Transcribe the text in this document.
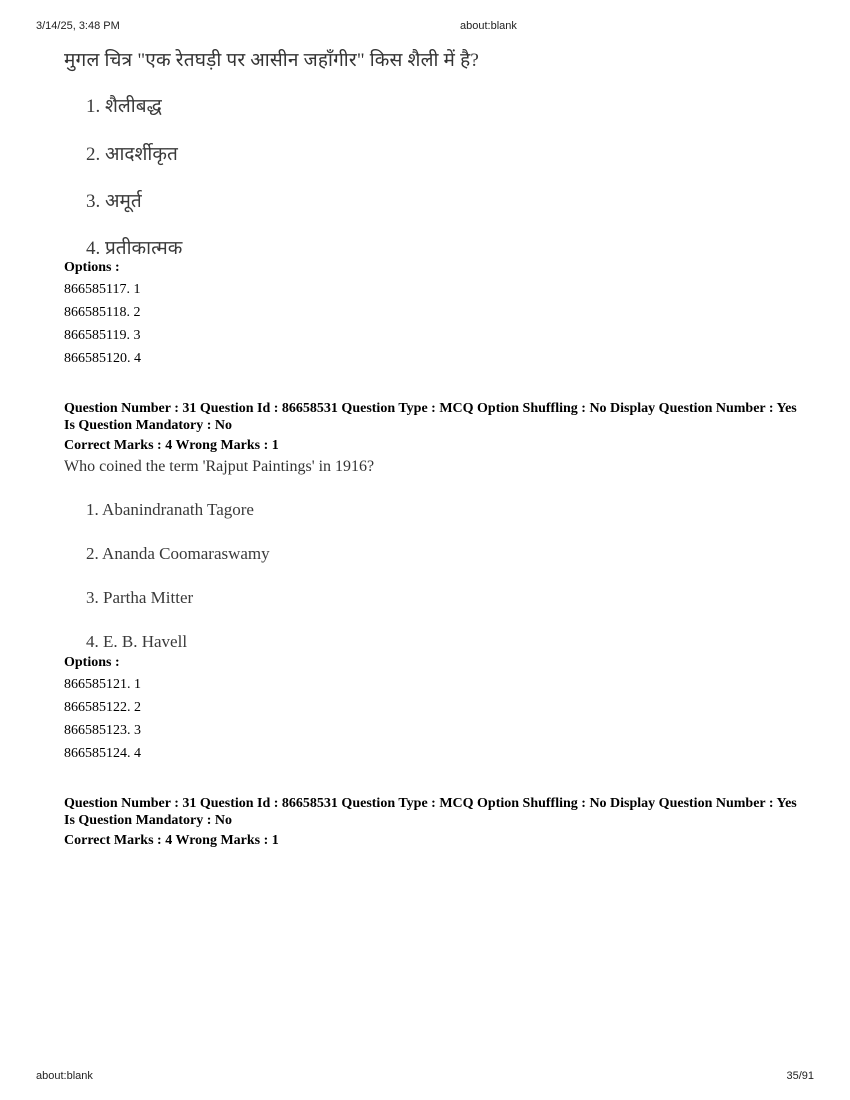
3/14/25, 3:48 PM	about:blank
मुगल चित्र "एक रेतघड़ी पर आसीन जहाँगीर" किस शैली में है?
1. शैलीबद्ध
2. आदर्शीकृत
3. अमूर्त
4. प्रतीकात्मक
Options :
866585117. 1
866585118. 2
866585119. 3
866585120. 4
Question Number : 31 Question Id : 86658531 Question Type : MCQ Option Shuffling : No Display Question Number : Yes Is Question Mandatory : No
Correct Marks : 4 Wrong Marks : 1
Who coined the term 'Rajput Paintings' in 1916?
1. Abanindranath Tagore
2. Ananda Coomaraswamy
3. Partha Mitter
4. E. B. Havell
Options :
866585121. 1
866585122. 2
866585123. 3
866585124. 4
Question Number : 31 Question Id : 86658531 Question Type : MCQ Option Shuffling : No Display Question Number : Yes Is Question Mandatory : No
Correct Marks : 4 Wrong Marks : 1
about:blank	35/91
